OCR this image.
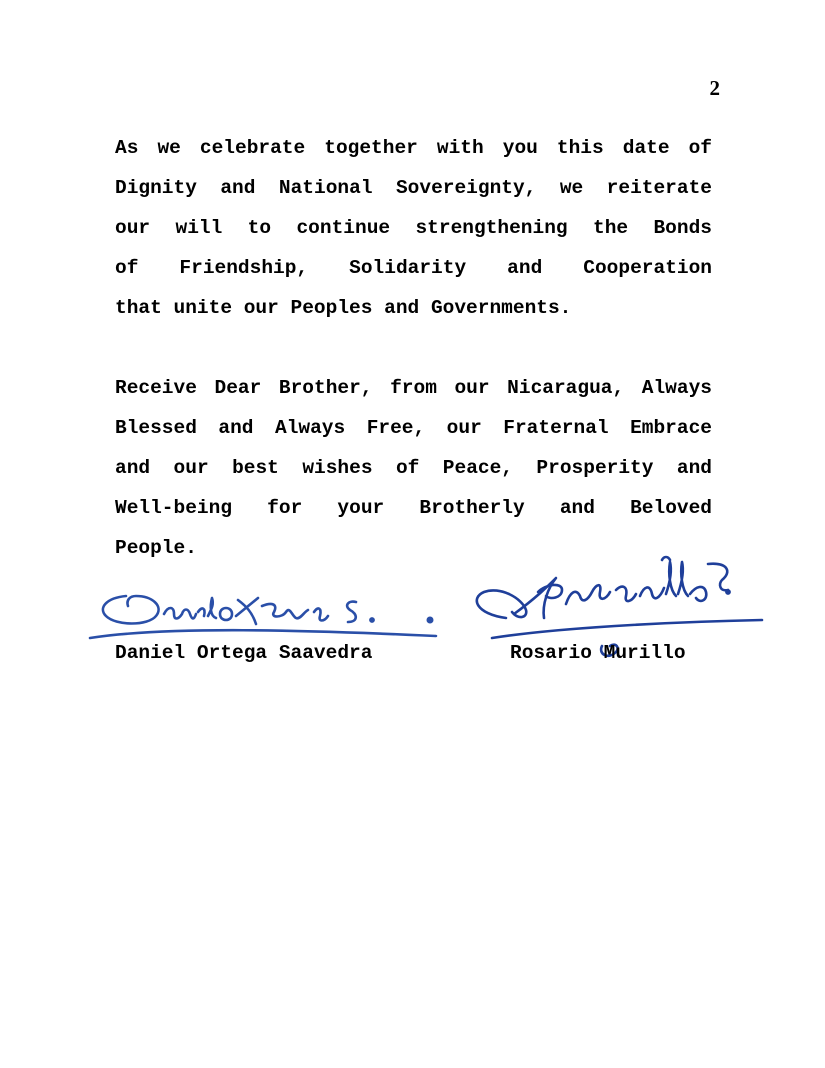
2
As we celebrate together with you this date of
Dignity and National Sovereignty, we reiterate
our will to continue strengthening the Bonds
of Friendship, Solidarity and Cooperation
that unite our Peoples and Governments.
Receive Dear Brother, from our Nicaragua, Always
Blessed and Always Free, our Fraternal Embrace
and our best wishes of Peace, Prosperity and
Well-being for your Brotherly and Beloved
People.
Daniel Ortega Saavedra	Rosario Murillo
